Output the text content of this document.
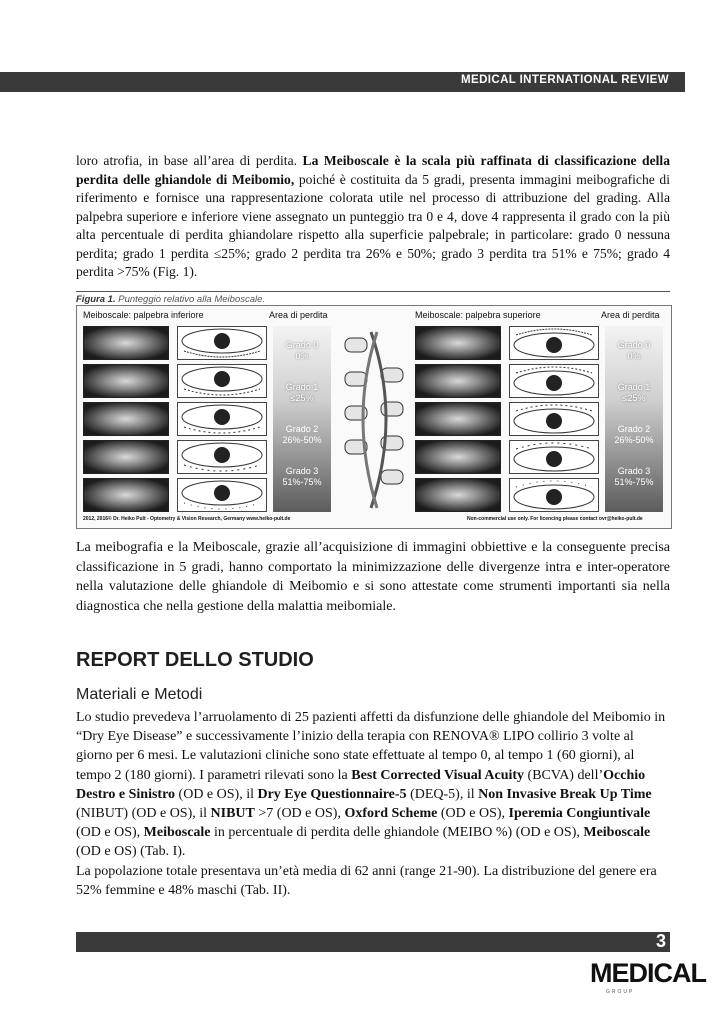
MEDICAL INTERNATIONAL REVIEW

loro atrofia, in base all’area di perdita. La Meiboscale è la scala più raffinata di classificazione della perdita delle ghiandole di Meibomio, poiché è costituita da 5 gradi, presenta immagini meibografiche di riferimento e fornisce una rappresentazione colorata utile nel processo di attribuzione del grading. Alla palpebra superiore e inferiore viene assegnato un punteggio tra 0 e 4, dove 4 rappresenta il grado con la più alta percentuale di perdita ghiandolare rispetto alla superficie palpebrale; in particolare: grado 0 nessuna perdita; grado 1 perdita ≤25%; grado 2 perdita tra 26% e 50%; grado 3 perdita tra 51% e 75%; grado 4 perdita >75% (Fig. 1).

Figura 1. Punteggio relativo alla Meiboscale.
Meiboscale: palpebra inferiore	Area di perdita
Grado 0
0%
Grado 1
≤25%
Grado 2
26%-50%
Grado 3
51%-75%
Meiboscale: palpebra superiore	Area di perdita
Grado 0
0%
Grado 1
≤25%
Grado 2
26%-50%
Grado 3
51%-75%
2012, 2016© Dr. Heiko Pult - Optometry & Vision Research, Germany www.heiko-pult.de	Non-commercial use only. For licencing please contact ovr@heiko-pult.de

La meibografia e la Meiboscale, grazie all’acquisizione di immagini obbiettive e la conseguente precisa classificazione in 5 gradi, hanno comportato la minimizzazione delle divergenze intra e inter-operatore nella valutazione delle ghiandole di Meibomio e si sono attestate come strumenti importanti sia nella diagnostica che nella gestione della malattia meibomiale.

REPORT DELLO STUDIO
Materiali e Metodi

Lo studio prevedeva l’arruolamento di 25 pazienti affetti da disfunzione delle ghiandole del Meibomio in “Dry Eye Disease” e successivamente l’inizio della terapia con RENOVA® LIPO collirio 3 volte al giorno per 6 mesi. Le valutazioni cliniche sono state effettuate al tempo 0, al tempo 1 (60 giorni), al tempo 2 (180 giorni). I parametri rilevati sono la Best Corrected Visual Acuity (BCVA) dell’Occhio Destro e Sinistro (OD e OS), il Dry Eye Questionnaire-5 (DEQ-5), il Non Invasive Break Up Time (NIBUT) (OD e OS), il NIBUT >7 (OD e OS), Oxford Scheme (OD e OS), Iperemia Congiuntivale (OD e OS), Meiboscale in percentuale di perdita delle ghiandole (MEIBO %) (OD e OS), Meiboscale (OD e OS) (Tab. I).
La popolazione totale presentava un’età media di 62 anni (range 21-90). La distribuzione del genere era 52% femmine e 48% maschi (Tab. II).

3
MEDICAL
GROUP
